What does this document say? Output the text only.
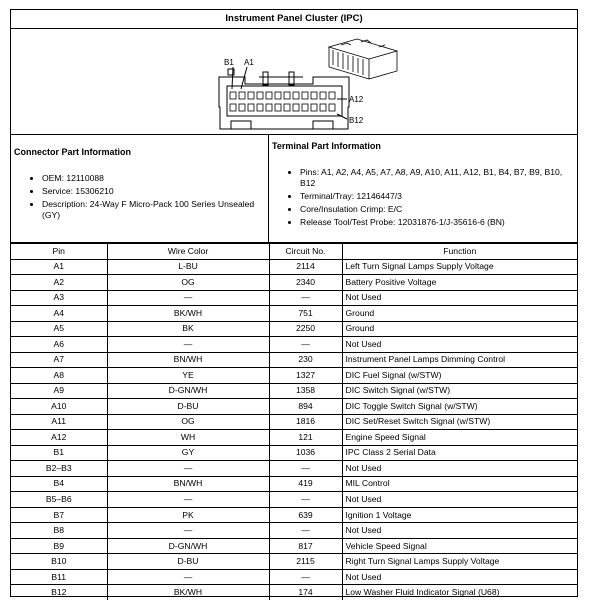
Instrument Panel Cluster (IPC)
B1 A1
A12
B12
Connector Part Information
• OEM: 12110088
• Service: 15306210
• Description: 24-Way F Micro-Pack 100 Series Unsealed (GY)
Terminal Part Information
• Pins: A1, A2, A4, A5, A7, A8, A9, A10, A11, A12, B1, B4, B7, B9, B10, B12
• Terminal/Tray: 12146447/3
• Core/Insulation Crimp: E/C
• Release Tool/Test Probe: 12031876-1/J-35616-6 (BN)
Pin	Wire Color	Circuit No.	Function
A1	L-BU	2114	Left Turn Signal Lamps Supply Voltage
A2	OG	2340	Battery Positive Voltage
A3	—	—	Not Used
A4	BK/WH	751	Ground
A5	BK	2250	Ground
A6	—	—	Not Used
A7	BN/WH	230	Instrument Panel Lamps Dimming Control
A8	YE	1327	DIC Fuel Signal (w/STW)
A9	D-GN/WH	1358	DIC Switch Signal (w/STW)
A10	D-BU	894	DIC Toggle Switch Signal (w/STW)
A11	OG	1816	DIC Set/Reset Switch Signal (w/STW)
A12	WH	121	Engine Speed Signal
B1	GY	1036	IPC Class 2 Serial Data
B2–B3	—	—	Not Used
B4	BN/WH	419	MIL Control
B5–B6	—	—	Not Used
B7	PK	639	Ignition 1 Voltage
B8	—	—	Not Used
B9	D-GN/WH	817	Vehicle Speed Signal
B10	D-BU	2115	Right Turn Signal Lamps Supply Voltage
B11	—	—	Not Used
B12	BK/WH	174	Low Washer Fluid Indicator Signal (U68)
